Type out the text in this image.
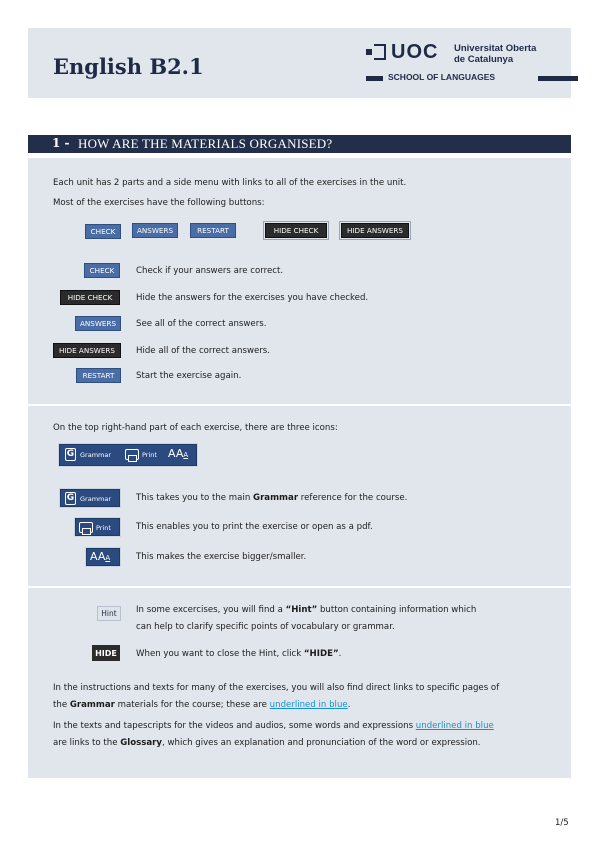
English B2.1
UOC Universitat Oberta
de Catalunya
SCHOOL OF LANGUAGES
1 - HOW ARE THE MATERIALS ORGANISED?
Each unit has 2 parts and a side menu with links to all of the exercises in the unit.
Most of the exercises have the following buttons:
CHECK	ANSWERS	RESTART	HIDE CHECK	HIDE ANSWERS
CHECK	Check if your answers are correct.
HIDE CHECK	Hide the answers for the exercises you have checked.
ANSWERS	See all of the correct answers.
HIDE ANSWERS	Hide all of the correct answers.
RESTART	Start the exercise again.
On the top right-hand part of each exercise, there are three icons:
G Grammar	Print AAA
G Grammar	This takes you to the main Grammar reference for the course.
Print	This enables you to print the exercise or open as a pdf.
AAA	This makes the exercise bigger/smaller.
Hint	In some excercises, you will find a “Hint” button containing information which
can help to clarify specific points of vocabulary or grammar.
HIDE	When you want to close the Hint, click “HIDE”.
In the instructions and texts for many of the exercises, you will also find direct links to specific pages of
the Grammar materials for the course; these are underlined in blue.
In the texts and tapescripts for the videos and audios, some words and expressions underlined in blue
are links to the Glossary, which gives an explanation and pronunciation of the word or expression.
1/5
